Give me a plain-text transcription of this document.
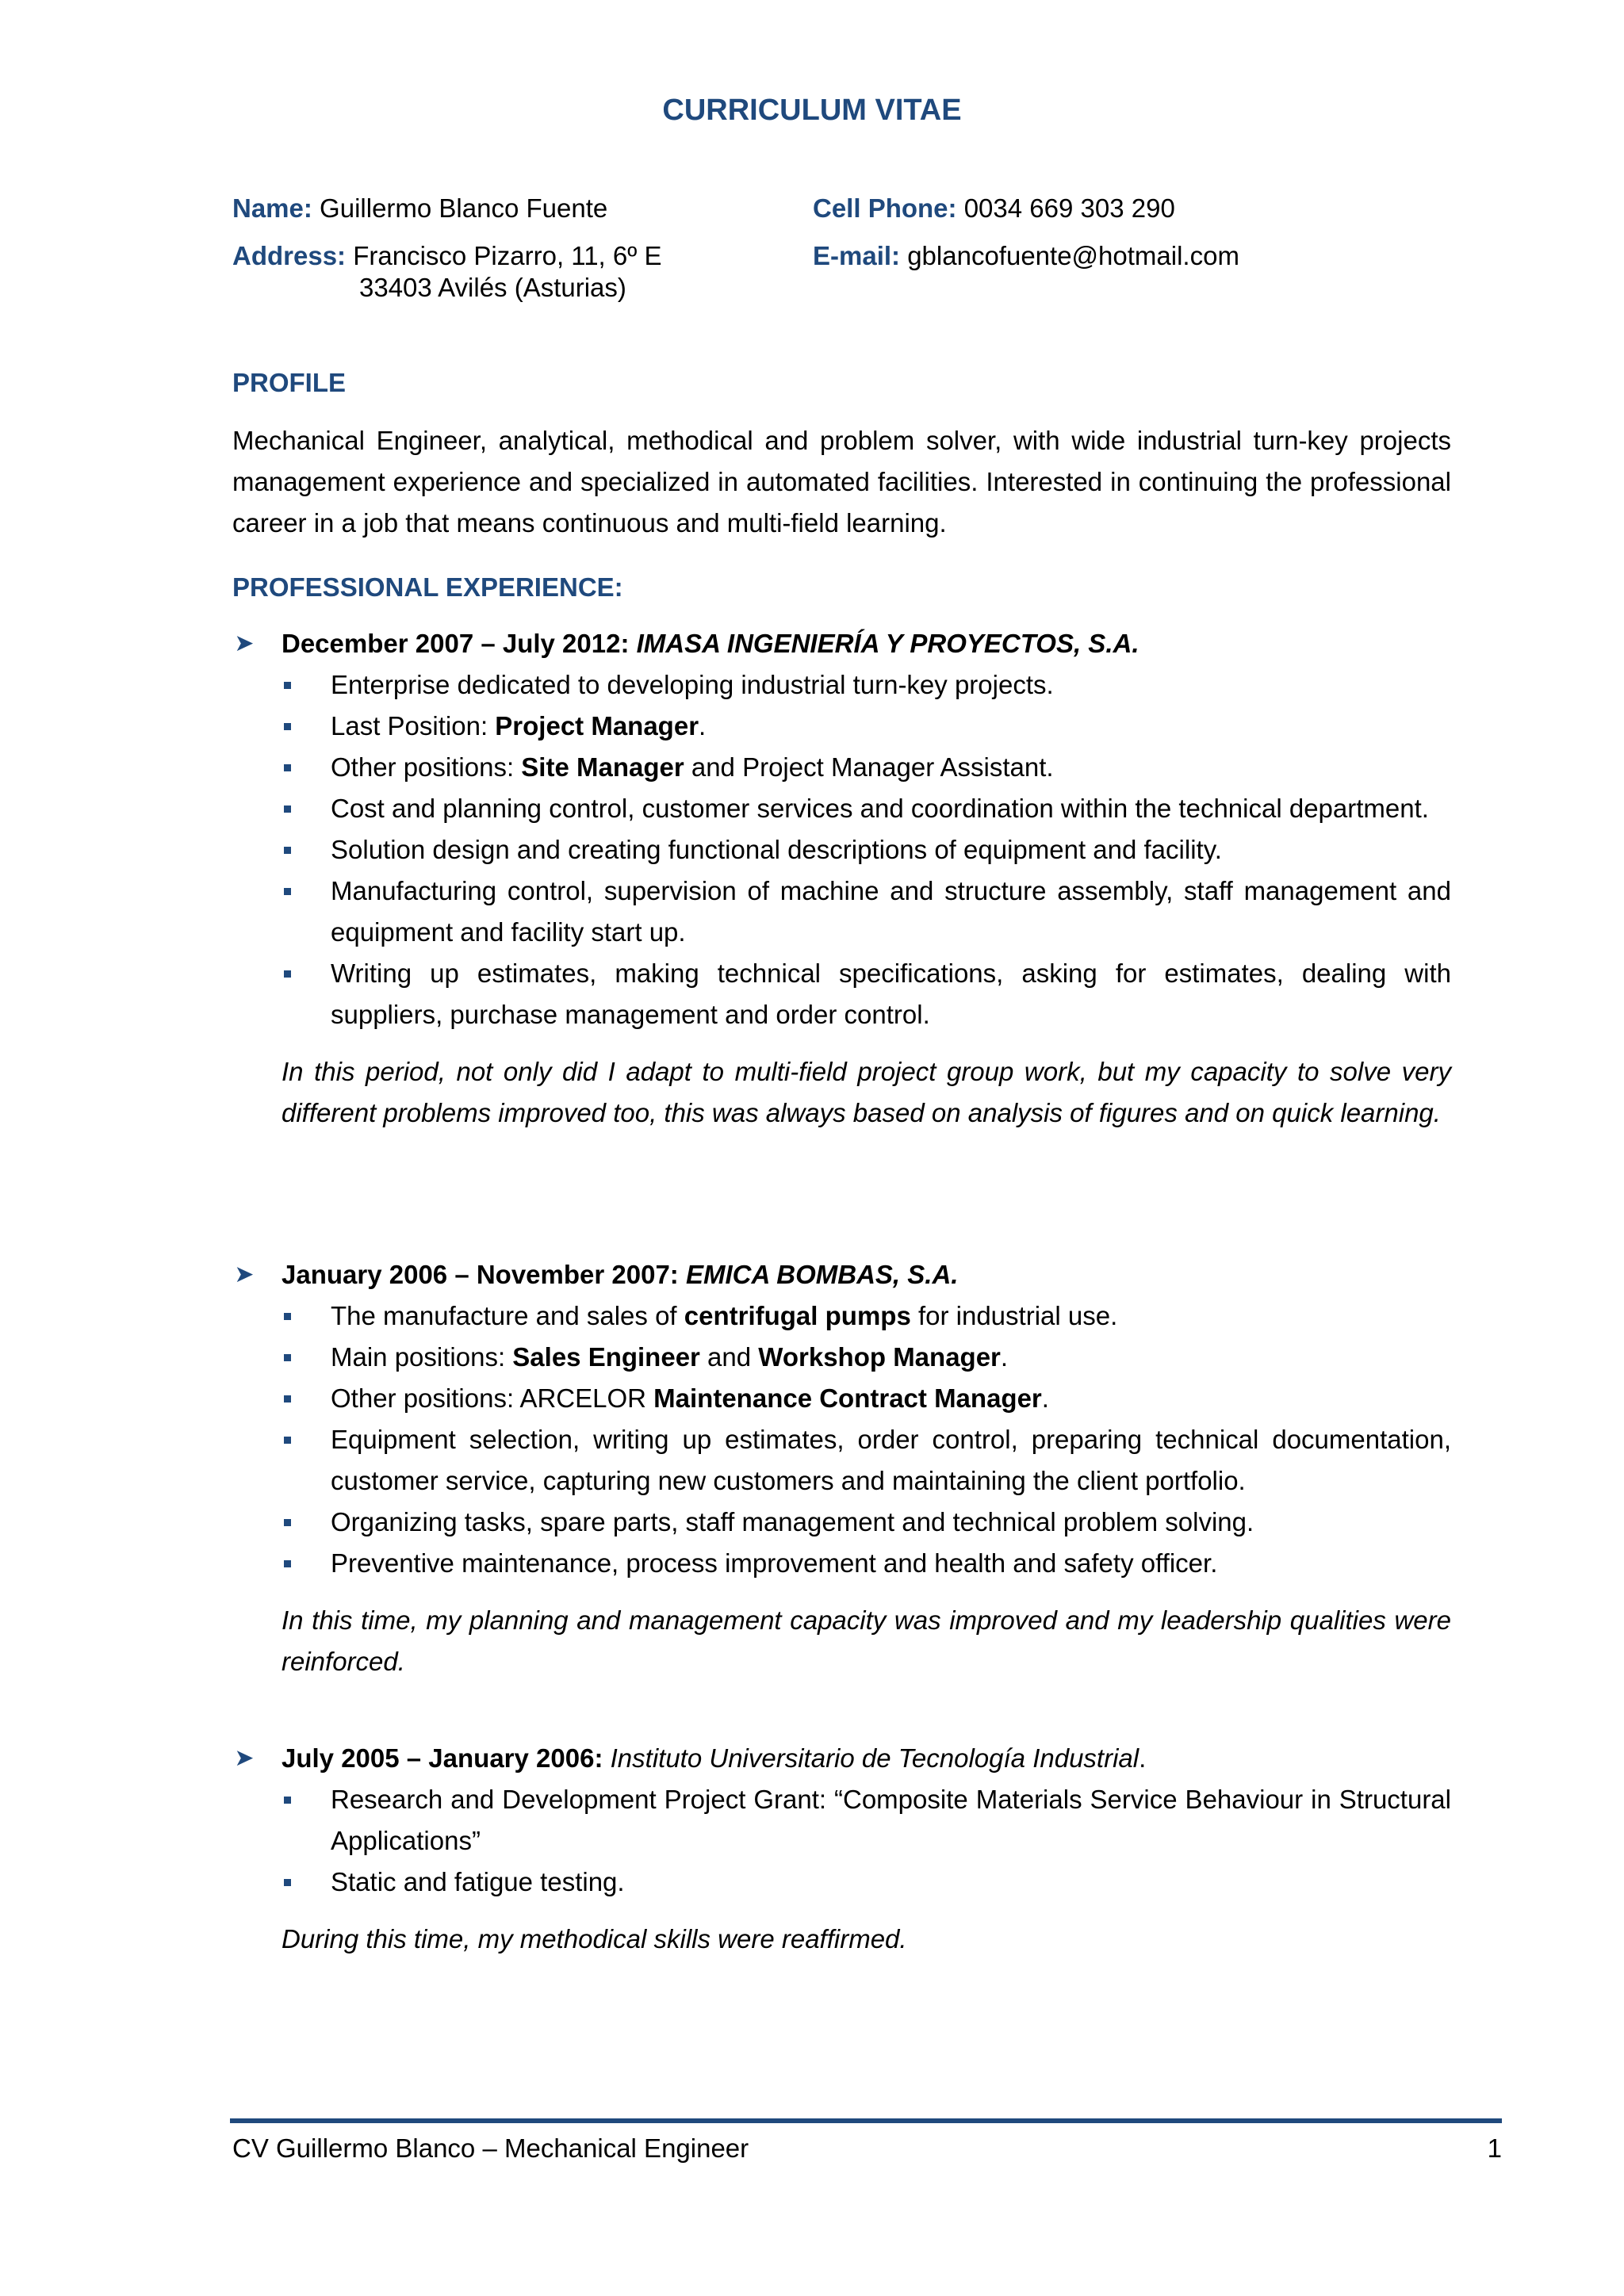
CURRICULUM VITAE
Name: Guillermo Blanco Fuente	Cell Phone: 0034 669 303 290
Address: Francisco Pizarro, 11, 6º E
33403 Avilés (Asturias)
E-mail: gblancofuente@hotmail.com
PROFILE
Mechanical Engineer, analytical, methodical and problem solver, with wide industrial turn-key projects management experience and specialized in automated facilities. Interested in continuing the professional career in a job that means continuous and multi-field learning.
PROFESSIONAL EXPERIENCE:
➤ December 2007 – July 2012: IMASA INGENIERÍA Y PROYECTOS, S.A.
Enterprise dedicated to developing industrial turn-key projects.
Last Position: Project Manager.
Other positions: Site Manager and Project Manager Assistant.
Cost and planning control, customer services and coordination within the technical department.
Solution design and creating functional descriptions of equipment and facility.
Manufacturing control, supervision of machine and structure assembly, staff management and equipment and facility start up.
Writing up estimates, making technical specifications, asking for estimates, dealing with suppliers, purchase management and order control.
In this period, not only did I adapt to multi-field project group work, but my capacity to solve very different problems improved too, this was always based on analysis of figures and on quick learning.
➤ January 2006 – November 2007: EMICA BOMBAS, S.A.
The manufacture and sales of centrifugal pumps for industrial use.
Main positions: Sales Engineer and Workshop Manager.
Other positions: ARCELOR Maintenance Contract Manager.
Equipment selection, writing up estimates, order control, preparing technical documentation, customer service, capturing new customers and maintaining the client portfolio.
Organizing tasks, spare parts, staff management and technical problem solving.
Preventive maintenance, process improvement and health and safety officer.
In this time, my planning and management capacity was improved and my leadership qualities were reinforced.
➤ July 2005 – January 2006: Instituto Universitario de Tecnología Industrial.
Research and Development Project Grant: “Composite Materials Service Behaviour in Structural Applications”
Static and fatigue testing.
During this time, my methodical skills were reaffirmed.
CV Guillermo Blanco – Mechanical Engineer	1
